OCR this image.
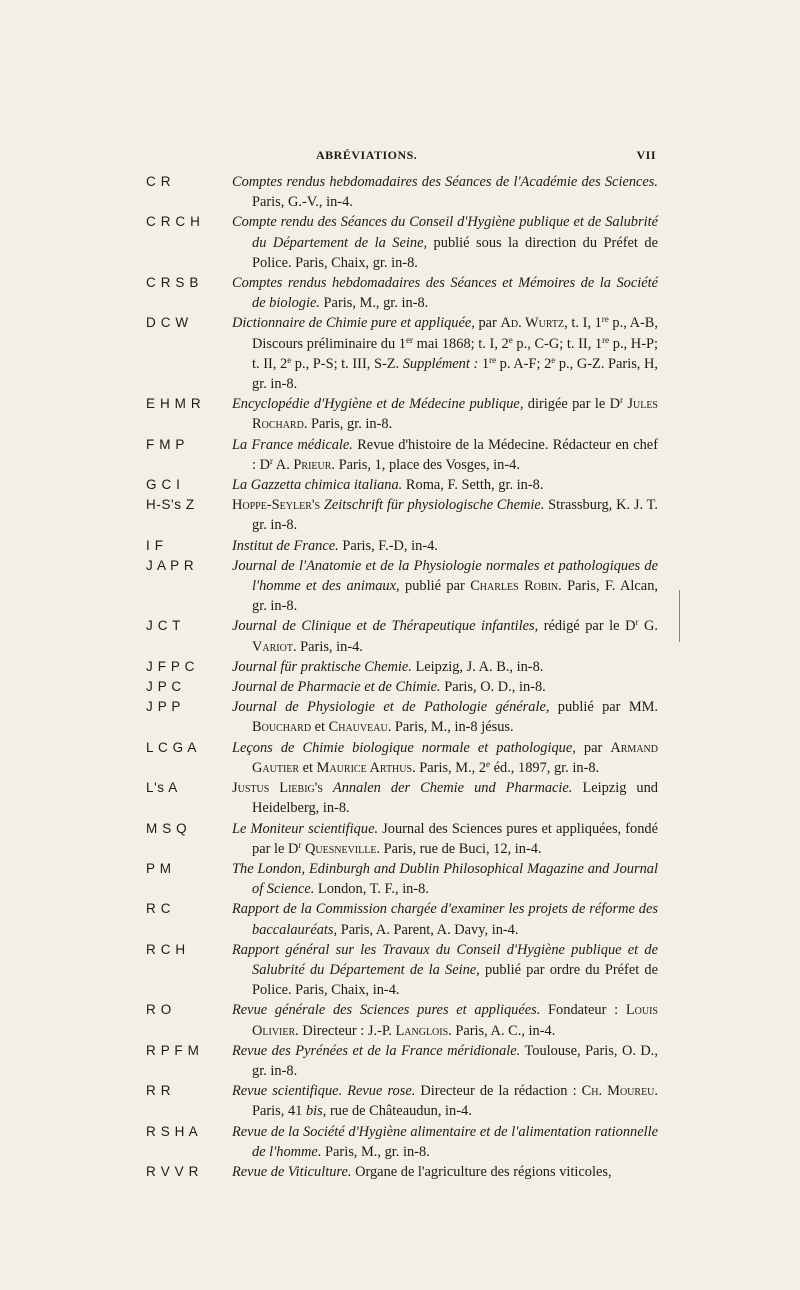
ABRÉVIATIONS.	VII
C R	Comptes rendus hebdomadaires des Séances de l'Académie des Sciences. Paris, G.-V., in-4.
C R C H	Compte rendu des Séances du Conseil d'Hygiène publique et de Salubrité du Département de la Seine, publié sous la direction du Préfet de Police. Paris, Chaix, gr. in-8.
C R S B	Comptes rendus hebdomadaires des Séances et Mémoires de la Société de biologie. Paris, M., gr. in-8.
D C W	Dictionnaire de Chimie pure et appliquée, par Ad. Wurtz, t. I, 1re p., A-B, Discours préliminaire du 1er mai 1868; t. I, 2e p., C-G; t. II, 1re p., H-P; t. II, 2e p., P-S; t. III, S-Z. Supplément : 1re p. A-F; 2e p., G-Z. Paris, H, gr. in-8.
E H M R	Encyclopédie d'Hygiène et de Médecine publique, dirigée par le $D^r$ Jules Rochard. Paris, gr. in-8.
F M P	La France médicale. Revue d'histoire de la Médecine. Rédacteur en chef : $D^r$ A. Prieur. Paris, 1, place des Vosges, in-4.
G C I	La Gazzetta chimica italiana. Roma, F. Setth, gr. in-8.
H-S's Z	Hoppe-Seyler's Zeitschrift für physiologische Chemie. Strassburg, K. J. T. gr. in-8.
I F	Institut de France. Paris, F.-D, in-4.
J A P R	Journal de l'Anatomie et de la Physiologie normales et pathologiques de l'homme et des animaux, publié par Charles Robin. Paris, F. Alcan, gr. in-8.
J C T	Journal de Clinique et de Thérapeutique infantiles, rédigé par le $D^r$ G. Variot. Paris, in-4.
J F P C	Journal für praktische Chemie. Leipzig, J. A. B., in-8.
J P C	Journal de Pharmacie et de Chimie. Paris, O. D., in-8.
J P P	Journal de Physiologie et de Pathologie générale, publié par MM. Bouchard et Chauveau. Paris, M., in-8 jésus.
L C G A	Leçons de Chimie biologique normale et pathologique, par Armand Gautier et Maurice Arthus. Paris, M., 2e éd., 1897, gr. in-8.
L's A	Justus Liebig's Annalen der Chemie und Pharmacie. Leipzig und Heidelberg, in-8.
M S Q	Le Moniteur scientifique. Journal des Sciences pures et appliquées, fondé par le $D^r$ Quesneville. Paris, rue de Buci, 12, in-4.
P M	The London, Edinburgh and Dublin Philosophical Magazine and Journal of Science. London, T. F., in-8.
R C	Rapport de la Commission chargée d'examiner les projets de réforme des baccalauréats, Paris, A. Parent, A. Davy, in-4.
R C H	Rapport général sur les Travaux du Conseil d'Hygiène publique et de Salubrité du Département de la Seine, publié par ordre du Préfet de Police. Paris, Chaix, in-4.
R O	Revue générale des Sciences pures et appliquées. Fondateur : Louis Olivier. Directeur : J.-P. Langlois. Paris, A. C., in-4.
R P F M	Revue des Pyrénées et de la France méridionale. Toulouse, Paris, O. D., gr. in-8.
R R	Revue scientifique. Revue rose. Directeur de la rédaction : Ch. Moureu. Paris, 41 bis, rue de Châteaudun, in-4.
R S H A	Revue de la Société d'Hygiène alimentaire et de l'alimentation rationnelle de l'homme. Paris, M., gr. in-8.
R V V R	Revue de Viticulture. Organe de l'agriculture des régions viticoles,
